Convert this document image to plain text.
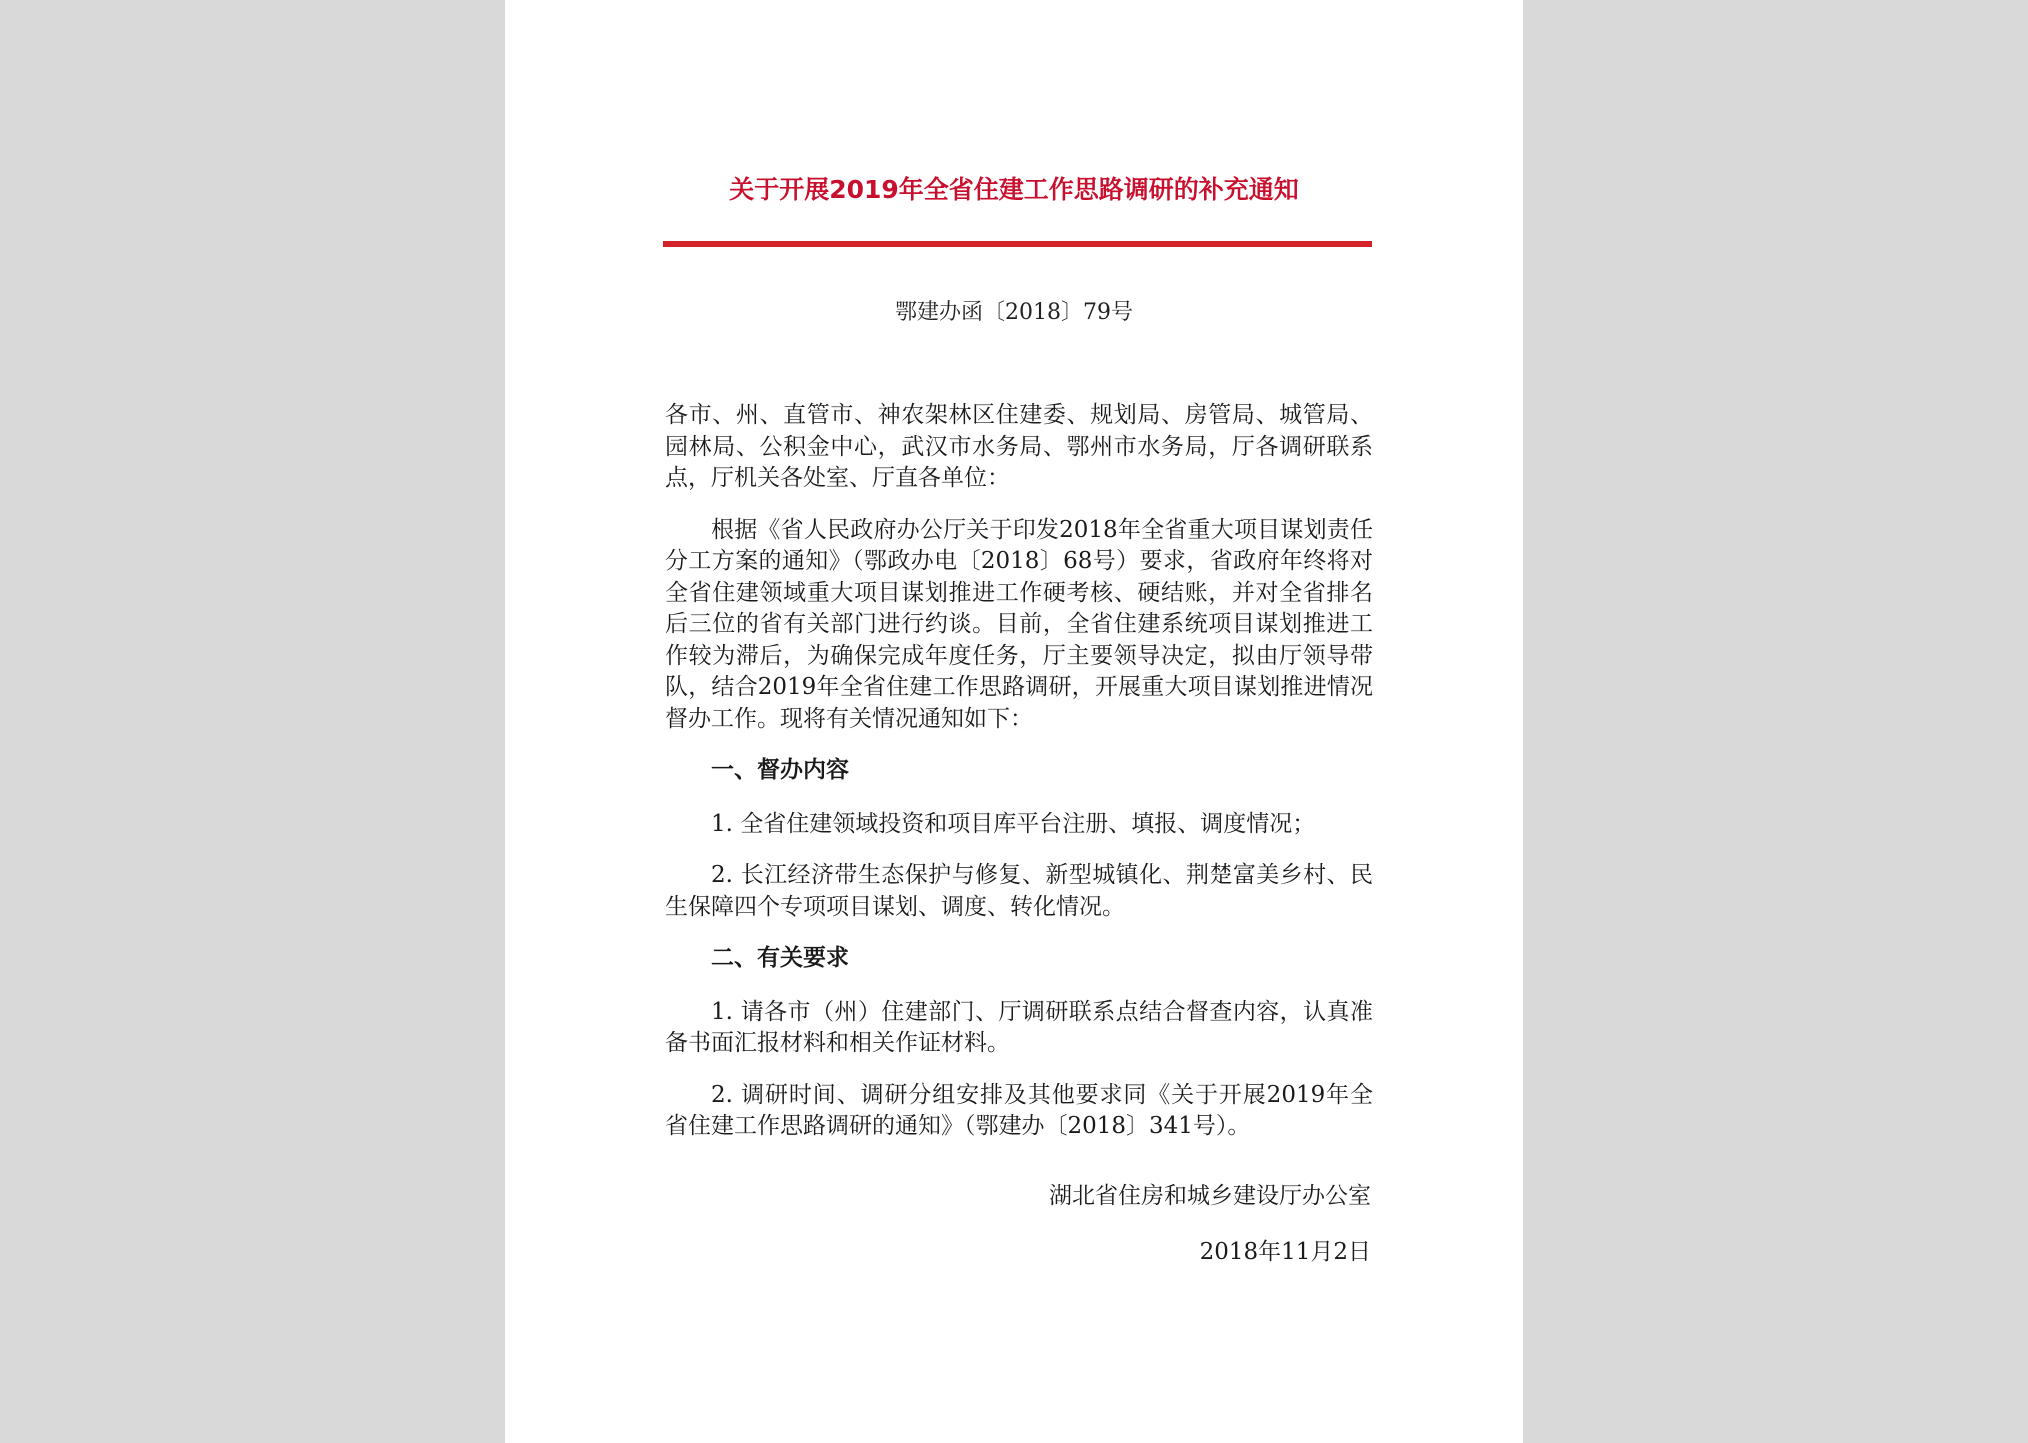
关于开展2019年全省住建工作思路调研的补充通知
鄂建办函〔2018〕79号

各市、州、直管市、神农架林区住建委、规划局、房管局、城管局、园林局、公积金中心，武汉市水务局、鄂州市水务局，厅各调研联系点，厅机关各处室、厅直各单位：

根据《省人民政府办公厅关于印发2018年全省重大项目谋划责任分工方案的通知》（鄂政办电〔2018〕68号）要求，省政府年终将对全省住建领域重大项目谋划推进工作硬考核、硬结账，并对全省排名后三位的省有关部门进行约谈。目前，全省住建系统项目谋划推进工作较为滞后，为确保完成年度任务，厅主要领导决定，拟由厅领导带队，结合2019年全省住建工作思路调研，开展重大项目谋划推进情况督办工作。现将有关情况通知如下：

一、督办内容

1. 全省住建领域投资和项目库平台注册、填报、调度情况；

2. 长江经济带生态保护与修复、新型城镇化、荆楚富美乡村、民生保障四个专项项目谋划、调度、转化情况。

二、有关要求

1. 请各市（州）住建部门、厅调研联系点结合督查内容，认真准备书面汇报材料和相关作证材料。

2. 调研时间、调研分组安排及其他要求同《关于开展2019年全省住建工作思路调研的通知》（鄂建办〔2018〕341号）。

湖北省住房和城乡建设厅办公室
2018年11月2日
